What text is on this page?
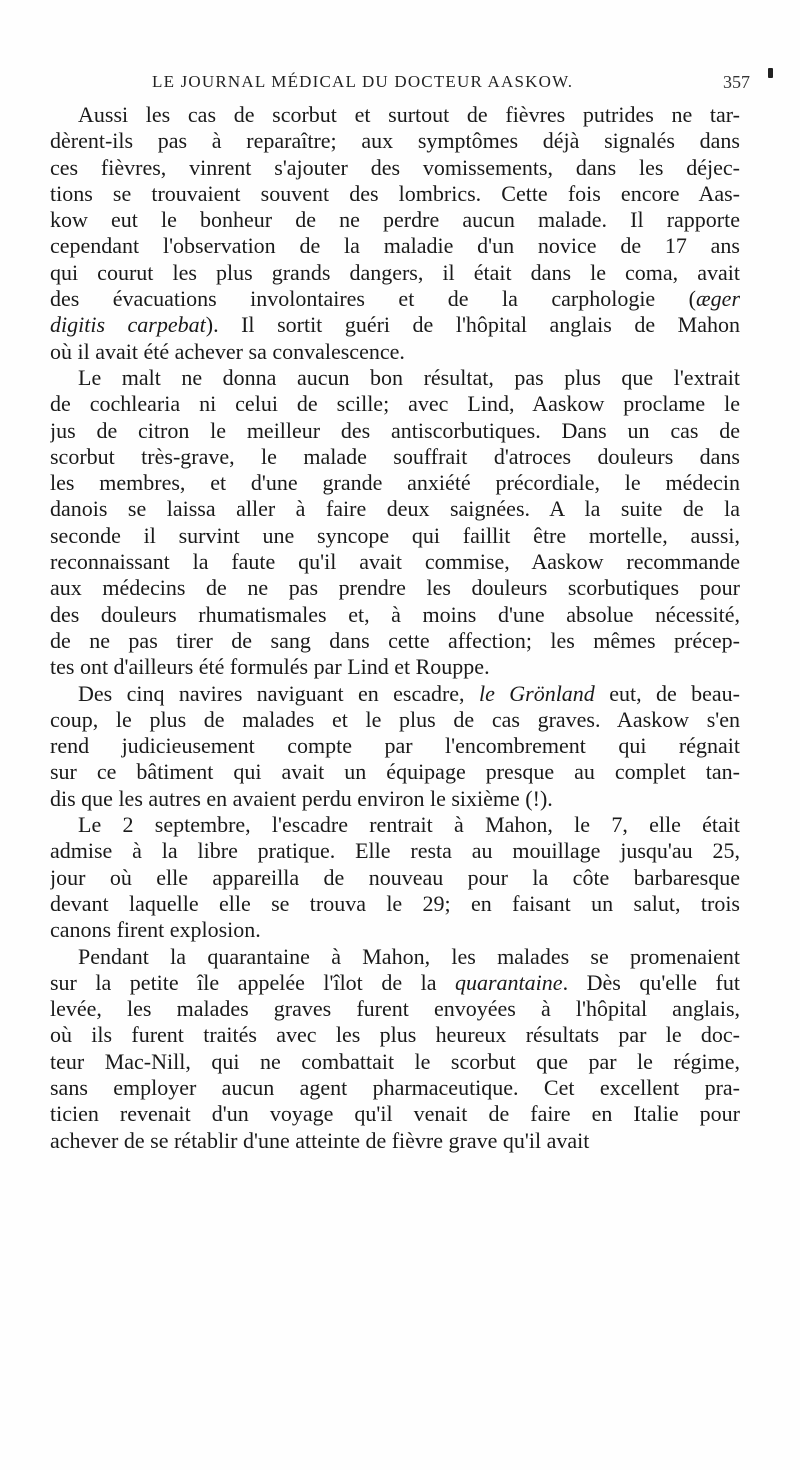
LE JOURNAL MÉDICAL DU DOCTEUR AASKOW.	357
Aussi les cas de scorbut et surtout de fièvres putrides ne tar-
dèrent-ils pas à reparaître; aux symptômes déjà signalés dans
ces fièvres, vinrent s'ajouter des vomissements, dans les déjec-
tions se trouvaient souvent des lombrics. Cette fois encore Aas-
kow eut le bonheur de ne perdre aucun malade. Il rapporte
cependant l'observation de la maladie d'un novice de 17 ans
qui courut les plus grands dangers, il était dans le coma, avait
des évacuations involontaires et de la carphologie (æger
digitis carpebat). Il sortit guéri de l'hôpital anglais de Mahon
où il avait été achever sa convalescence.
Le malt ne donna aucun bon résultat, pas plus que l'extrait
de cochlearia ni celui de scille; avec Lind, Aaskow proclame le
jus de citron le meilleur des antiscorbutiques. Dans un cas de
scorbut très-grave, le malade souffrait d'atroces douleurs dans
les membres, et d'une grande anxiété précordiale, le médecin
danois se laissa aller à faire deux saignées. A la suite de la
seconde il survint une syncope qui faillit être mortelle, aussi,
reconnaissant la faute qu'il avait commise, Aaskow recommande
aux médecins de ne pas prendre les douleurs scorbutiques pour
des douleurs rhumatismales et, à moins d'une absolue nécessité,
de ne pas tirer de sang dans cette affection; les mêmes précep-
tes ont d'ailleurs été formulés par Lind et Rouppe.
Des cinq navires naviguant en escadre, le Grönland eut, de beau-
coup, le plus de malades et le plus de cas graves. Aaskow s'en
rend judicieusement compte par l'encombrement qui régnait
sur ce bâtiment qui avait un équipage presque au complet tan-
dis que les autres en avaient perdu environ le sixième (!).
Le 2 septembre, l'escadre rentrait à Mahon, le 7, elle était
admise à la libre pratique. Elle resta au mouillage jusqu'au 25,
jour où elle appareilla de nouveau pour la côte barbaresque
devant laquelle elle se trouva le 29; en faisant un salut, trois
canons firent explosion.
Pendant la quarantaine à Mahon, les malades se promenaient
sur la petite île appelée l'îlot de la quarantaine. Dès qu'elle fut
levée, les malades graves furent envoyées à l'hôpital anglais,
où ils furent traités avec les plus heureux résultats par le doc-
teur Mac-Nill, qui ne combattait le scorbut que par le régime,
sans employer aucun agent pharmaceutique. Cet excellent pra-
ticien revenait d'un voyage qu'il venait de faire en Italie pour
achever de se rétablir d'une atteinte de fièvre grave qu'il avait
